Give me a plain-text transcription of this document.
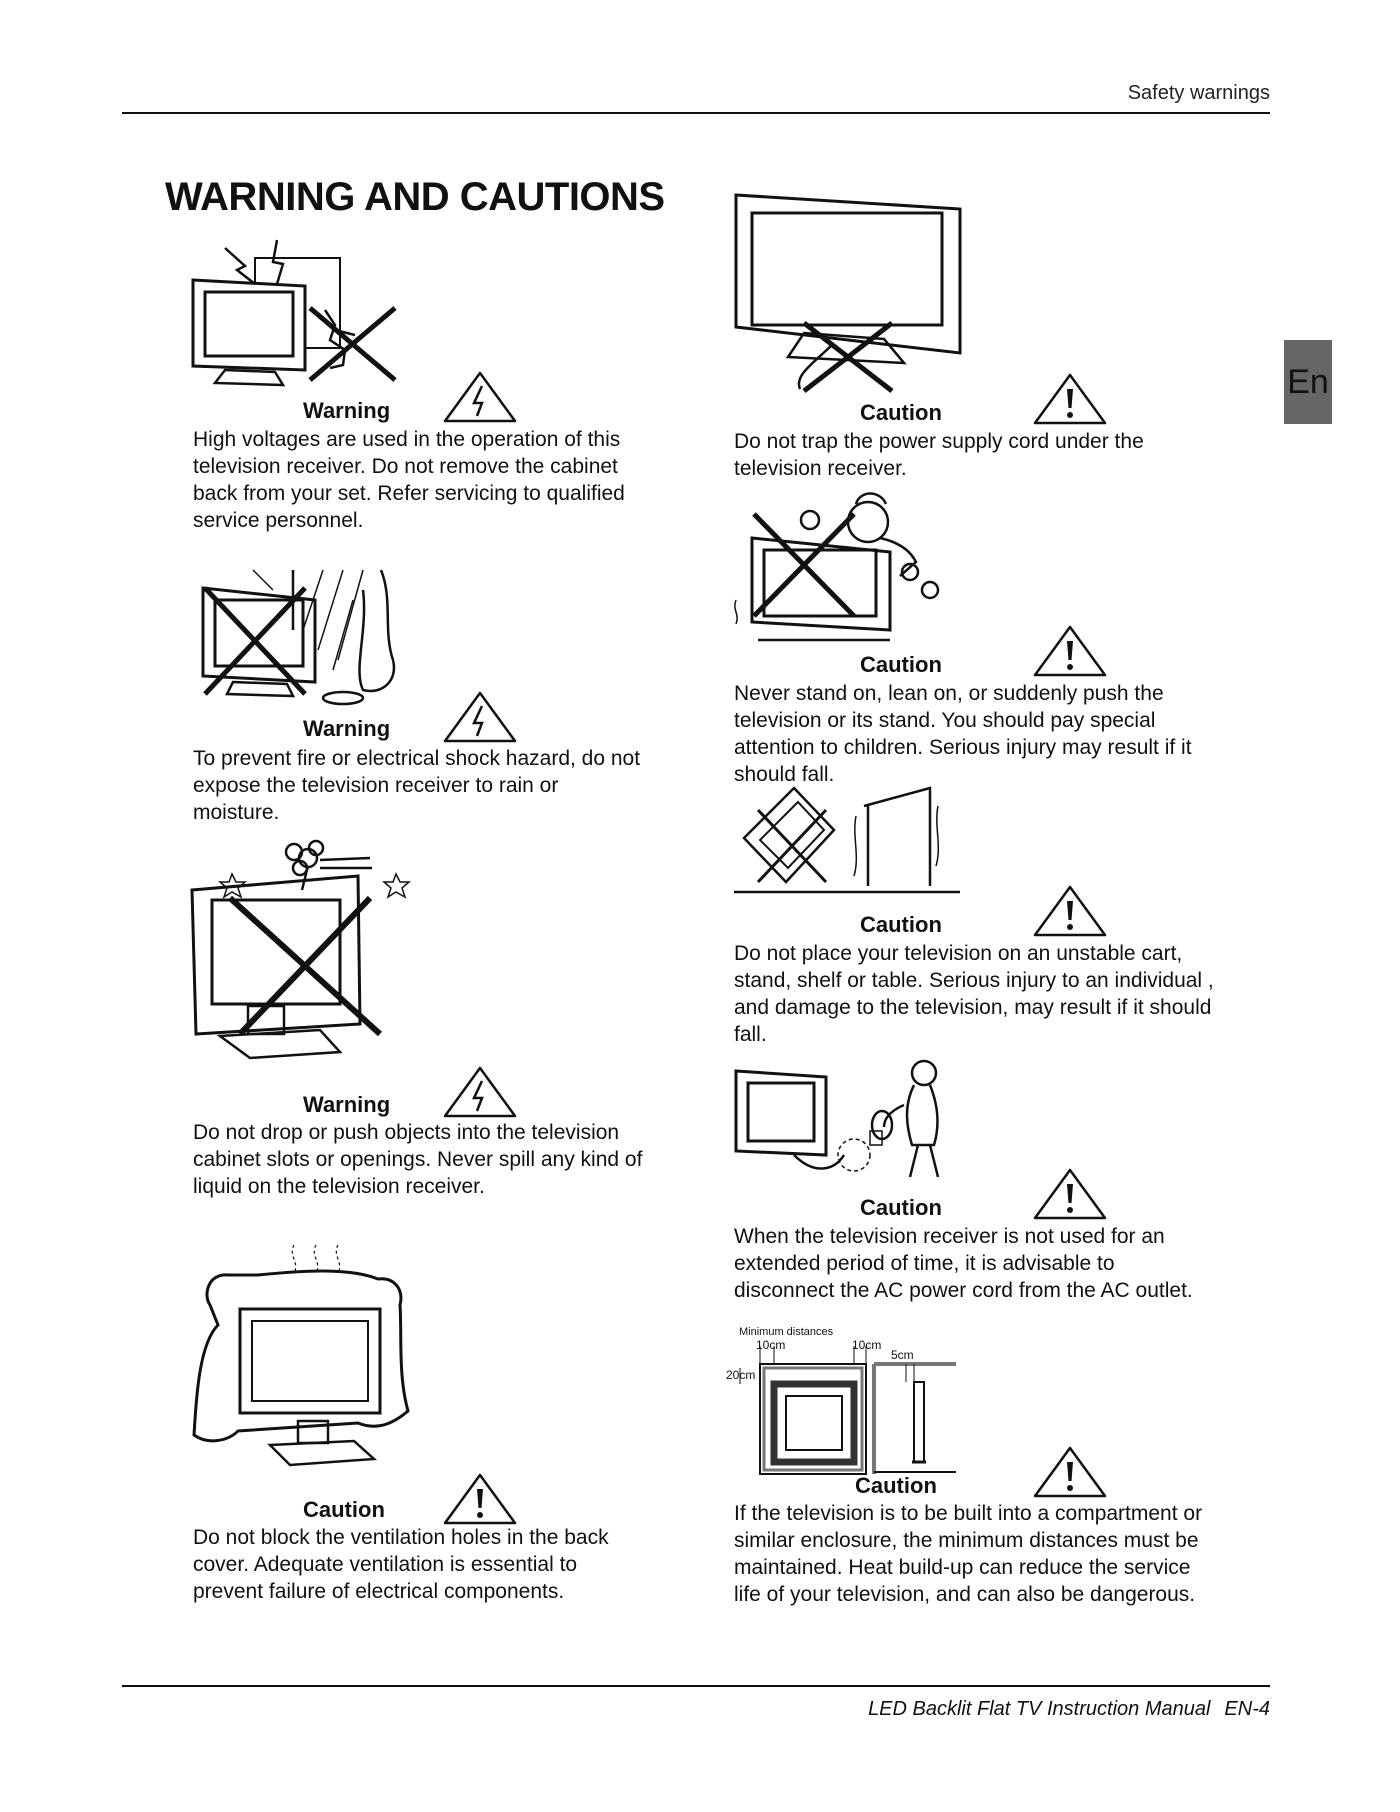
Safety warnings
WARNING AND CAUTIONS
En
Warning
High voltages are used in the operation of this television receiver. Do not remove the cabinet back from your set. Refer servicing to qualified service personnel.
Warning
To prevent fire or electrical shock hazard, do not expose the television receiver to rain or moisture.
Warning
Do not drop or push objects into the television cabinet slots or openings. Never spill any kind of liquid on the television receiver.
Caution
Do not block the ventilation holes in the back cover. Adequate ventilation is essential to prevent failure of electrical components.
Caution
Do not trap the power supply cord under the television receiver.
Caution
Never stand on, lean on, or suddenly push the television or its stand. You should pay special attention to children. Serious injury may result if it should fall.
Caution
Do not place your television on an unstable cart, stand, shelf or table. Serious injury to an individual , and damage to the television, may result if it should fall.
Caution
When the television receiver is not used for an extended period of time, it is advisable to disconnect the AC power cord from the AC outlet.
Minimum distances
10cm	10cm
5cm
20cm
Caution
If the television is to be built into a compartment or similar enclosure, the minimum distances must be maintained. Heat build-up can reduce the service life of your television, and can also be dangerous.
LED Backlit Flat TV Instruction Manual EN-4
